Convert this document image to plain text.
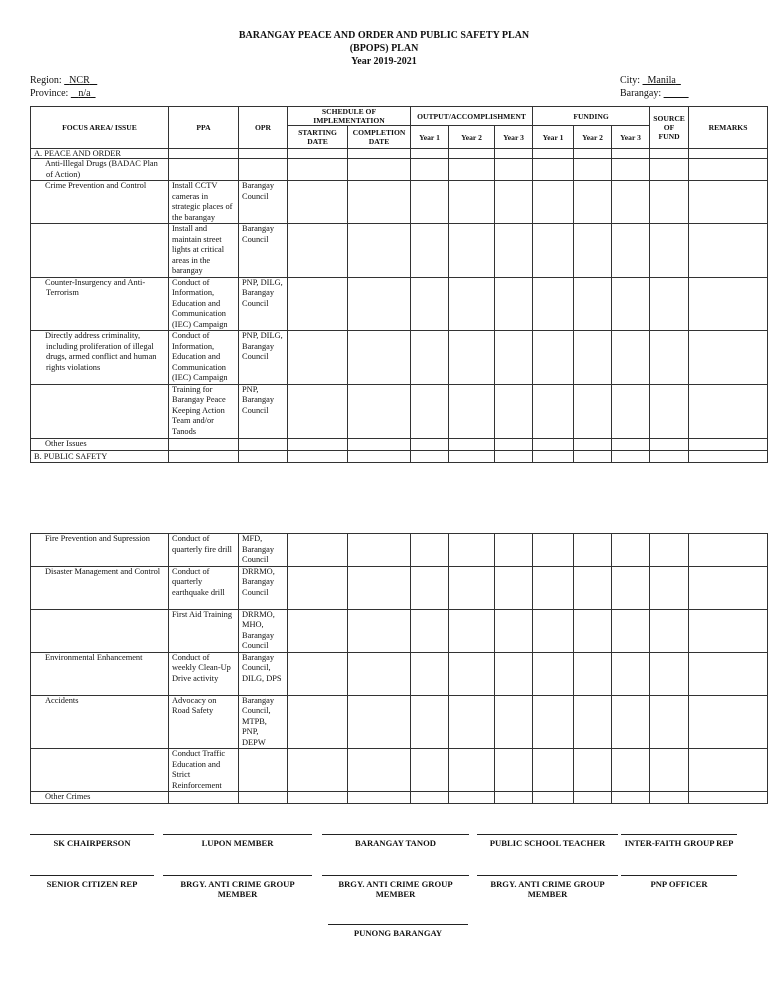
BARANGAY PEACE AND ORDER AND PUBLIC SAFETY PLAN
(BPOPS) PLAN
Year 2019-2021
Region: NCR
Province: n/a
City: Manila
Barangay:
FOCUS AREA/ ISSUE	PPA	OPR	SCHEDULE OF IMPLEMENTATION		OUTPUT/ACCOMPLISHMENT			FUNDING			SOURCE OF FUND	REMARKS
			STARTING DATE	COMPLETION DATE	Year 1	Year 2	Year 3	Year 1	Year 2	Year 3		
A. PEACE AND ORDER												

• Anti-Illegal Drugs (BADAC Plan of Action)

• Crime Prevention and Control	Install CCTV cameras in strategic places of the barangay	Barangay Council										
	Install and maintain street lights at critical areas in the barangay	Barangay Council										

• Counter-Insurgency and Anti-Terrorism	Conduct of Information, Education and Communication (IEC) Campaign	PNP, DILG, Barangay Council										

• Directly address criminality, including proliferation of illegal drugs, armed conflict and human rights violations	Conduct of Information, Education and Communication (IEC) Campaign	PNP, DILG, Barangay Council										
	Training for Barangay Peace Keeping Action Team and/or Tanods	PNP, Barangay Council										

• Other Issues

B. PUBLIC SAFETY												
• Fire Prevention and Supression	Conduct of quarterly fire drill	MFD, Barangay Council										

• Disaster Management and Control	Conduct of quarterly earthquake drill	DRRMO, Barangay Council										
	First Aid Training	DRRMO, MHO, Barangay Council										

• Environmental Enhancement	Conduct of weekly Clean-Up Drive activity	Barangay Council, DILG, DPS										

• Accidents	Advocacy on Road Safety	Barangay Council, MTPB, PNP, DEPW										
	Conduct Traffic Education and Strict Reinforcement											

• Other Crimes

SK CHAIRPERSON	LUPON MEMBER	BARANGAY TANOD	PUBLIC SCHOOL TEACHER	INTER-FAITH GROUP REP
SENIOR CITIZEN REP	BRGY. ANTI CRIME GROUP MEMBER
BRGY. ANTI CRIME GROUP MEMBER
BRGY. ANTI CRIME GROUP MEMBER
PNP OFFICER
PUNONG BARANGAY
